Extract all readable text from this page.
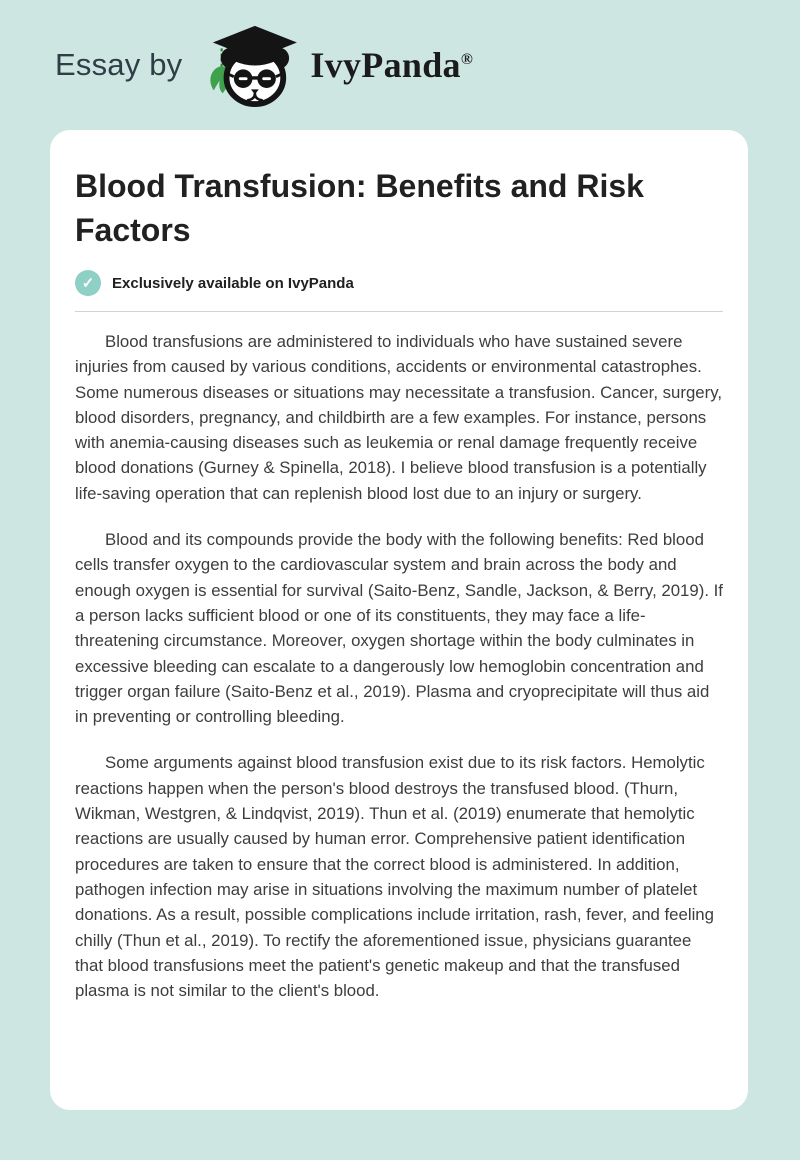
Essay by	IvyPanda®
Blood Transfusion: Benefits and Risk Factors
✓	Exclusively available on IvyPanda

Blood transfusions are administered to individuals who have sustained severe injuries from caused by various conditions, accidents or environmental catastrophes. Some numerous diseases or situations may necessitate a transfusion. Cancer, surgery, blood disorders, pregnancy, and childbirth are a few examples. For instance, persons with anemia-causing diseases such as leukemia or renal damage frequently receive blood donations (Gurney & Spinella, 2018). I believe blood transfusion is a potentially life-saving operation that can replenish blood lost due to an injury or surgery.

Blood and its compounds provide the body with the following benefits: Red blood cells transfer oxygen to the cardiovascular system and brain across the body and enough oxygen is essential for survival (Saito-Benz, Sandle, Jackson, & Berry, 2019). If a person lacks sufficient blood or one of its constituents, they may face a life-threatening circumstance. Moreover, oxygen shortage within the body culminates in excessive bleeding can escalate to a dangerously low hemoglobin concentration and trigger organ failure (Saito-Benz et al., 2019). Plasma and cryoprecipitate will thus aid in preventing or controlling bleeding.

Some arguments against blood transfusion exist due to its risk factors. Hemolytic reactions happen when the person's blood destroys the transfused blood. (Thurn, Wikman, Westgren, & Lindqvist, 2019). Thun et al. (2019) enumerate that hemolytic reactions are usually caused by human error. Comprehensive patient identification procedures are taken to ensure that the correct blood is administered. In addition, pathogen infection may arise in situations involving the maximum number of platelet donations. As a result, possible complications include irritation, rash, fever, and feeling chilly (Thun et al., 2019). To rectify the aforementioned issue, physicians guarantee that blood transfusions meet the patient's genetic makeup and that the transfused plasma is not similar to the client's blood.
